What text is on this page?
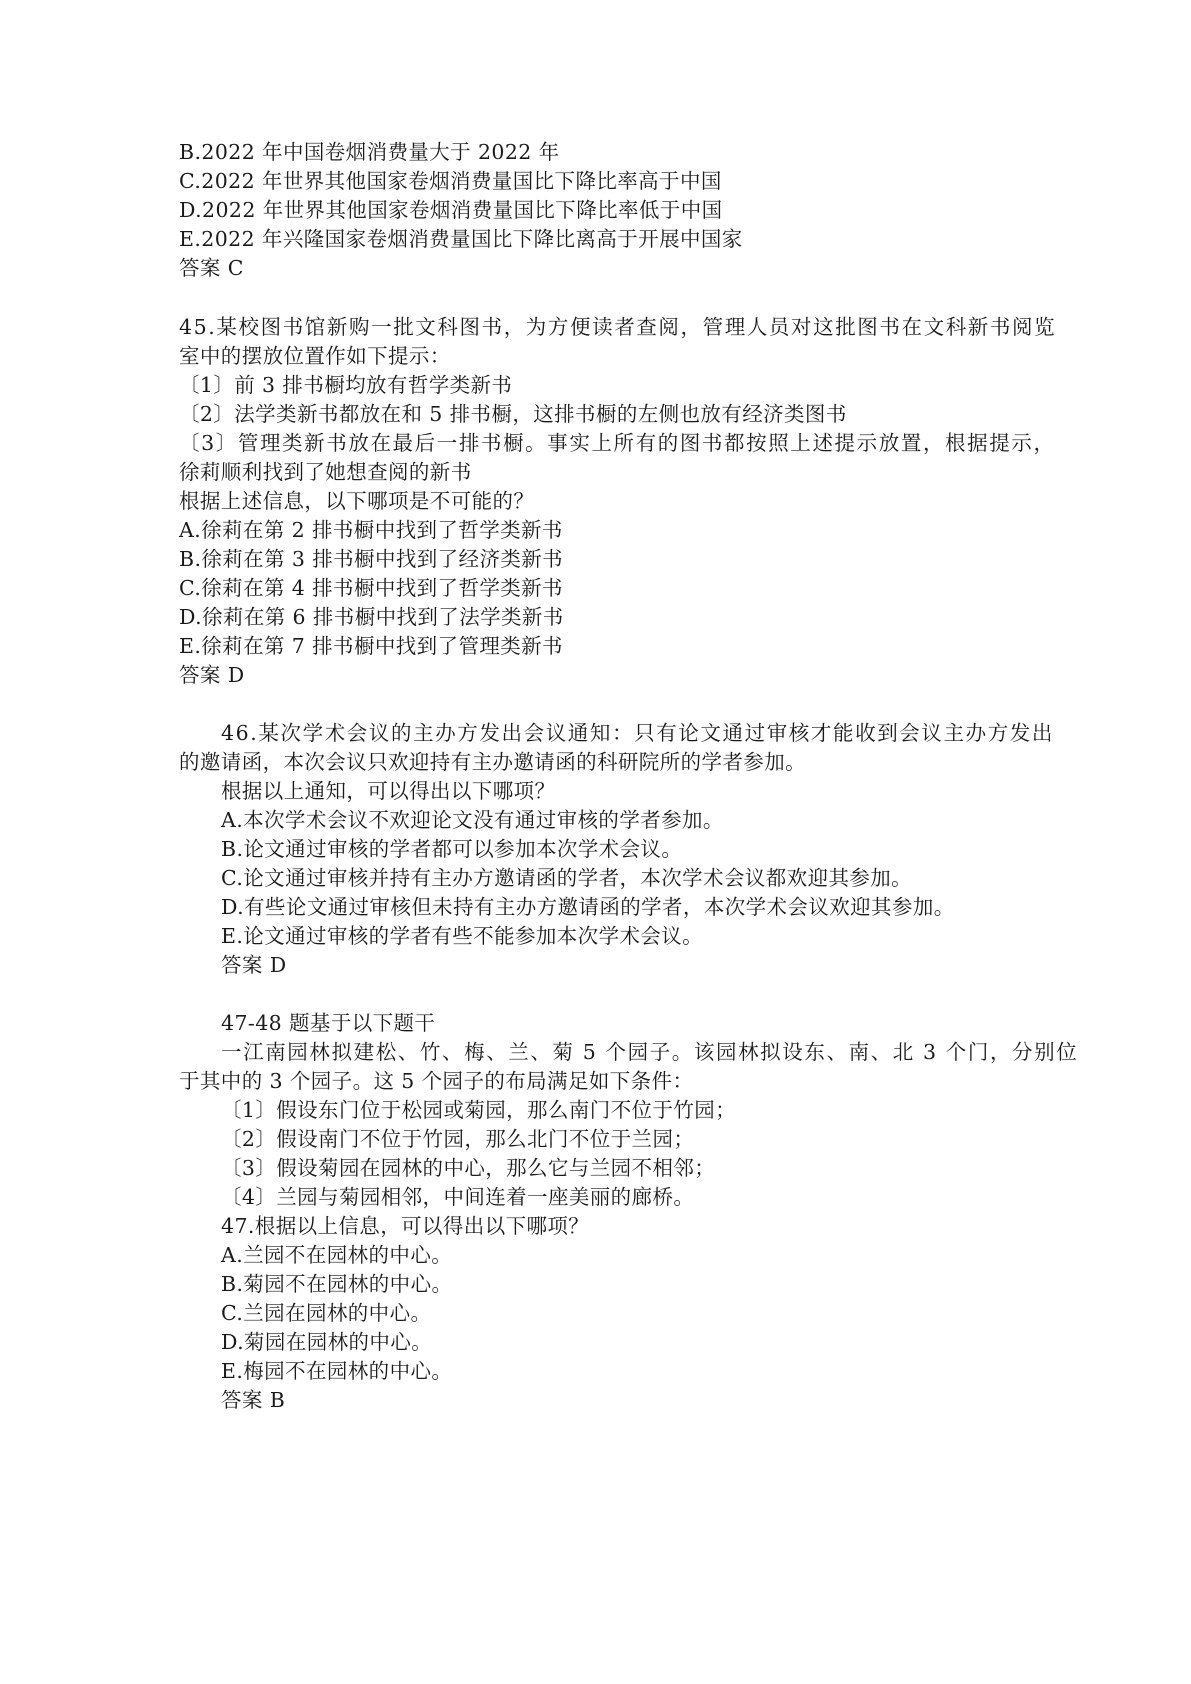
B.2022 年中国卷烟消费量大于 2022 年
C.2022 年世界其他国家卷烟消费量国比下降比率高于中国
D.2022 年世界其他国家卷烟消费量国比下降比率低于中国
E.2022 年兴隆国家卷烟消费量国比下降比离高于开展中国家
答案 C
45.某校图书馆新购一批文科图书，为方便读者查阅，管理人员对这批图书在文科新书阅览
室中的摆放位置作如下提示：
〔1〕前 3 排书橱均放有哲学类新书
〔2〕法学类新书都放在和 5 排书橱，这排书橱的左侧也放有经济类图书
〔3〕管理类新书放在最后一排书橱。事实上所有的图书都按照上述提示放置，根据提示，
徐莉顺利找到了她想查阅的新书
根据上述信息，以下哪项是不可能的？
A.徐莉在第 2 排书橱中找到了哲学类新书
B.徐莉在第 3 排书橱中找到了经济类新书
C.徐莉在第 4 排书橱中找到了哲学类新书
D.徐莉在第 6 排书橱中找到了法学类新书
E.徐莉在第 7 排书橱中找到了管理类新书
答案 D
46.某次学术会议的主办方发出会议通知：只有论文通过审核才能收到会议主办方发出
的邀请函，本次会议只欢迎持有主办邀请函的科研院所的学者参加。
根据以上通知，可以得出以下哪项？
A.本次学术会议不欢迎论文没有通过审核的学者参加。
B.论文通过审核的学者都可以参加本次学术会议。
C.论文通过审核并持有主办方邀请函的学者，本次学术会议都欢迎其参加。
D.有些论文通过审核但未持有主办方邀请函的学者，本次学术会议欢迎其参加。
E.论文通过审核的学者有些不能参加本次学术会议。
答案 D
47-48 题基于以下题干
一江南园林拟建松、竹、梅、兰、菊 5 个园子。该园林拟设东、南、北 3 个门，分别位
于其中的 3 个园子。这 5 个园子的布局满足如下条件：
〔1〕假设东门位于松园或菊园，那么南门不位于竹园；
〔2〕假设南门不位于竹园，那么北门不位于兰园；
〔3〕假设菊园在园林的中心，那么它与兰园不相邻；
〔4〕兰园与菊园相邻，中间连着一座美丽的廊桥。
47.根据以上信息，可以得出以下哪项？
A.兰园不在园林的中心。
B.菊园不在园林的中心。
C.兰园在园林的中心。
D.菊园在园林的中心。
E.梅园不在园林的中心。
答案 B
